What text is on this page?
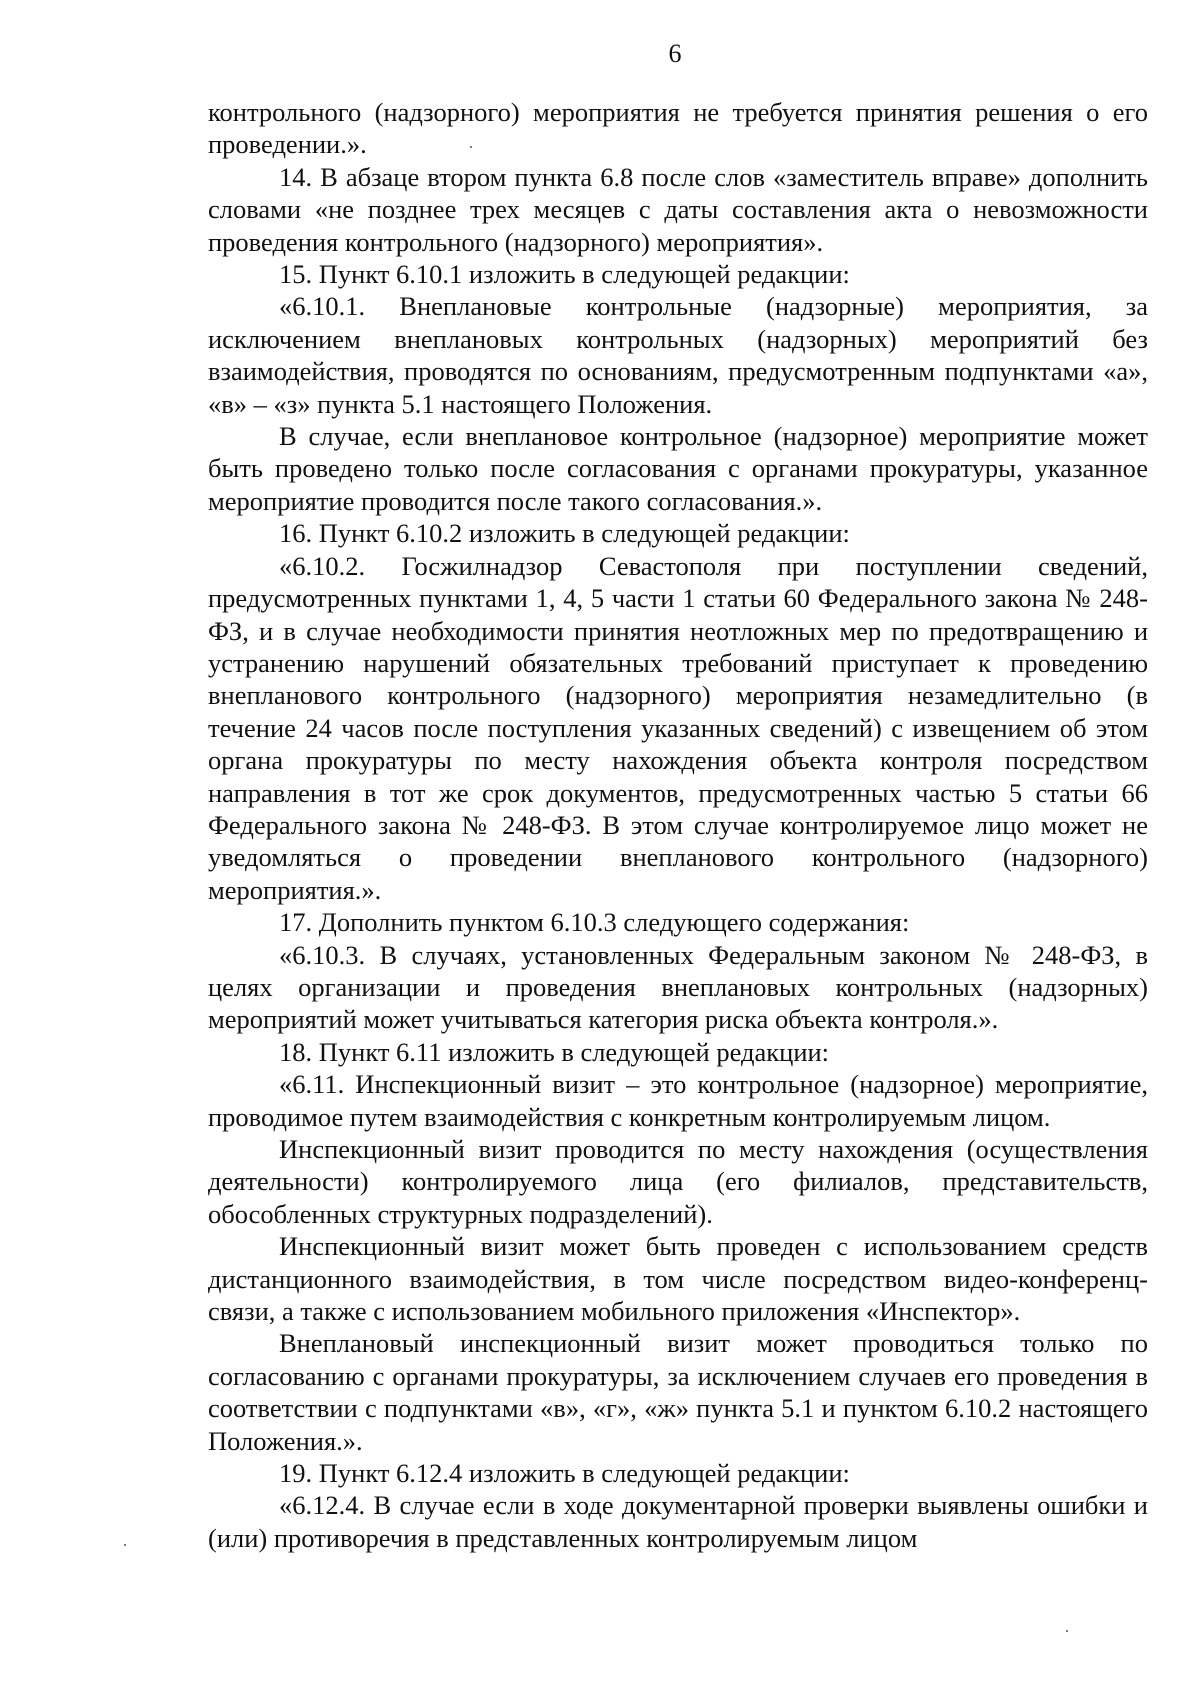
6

контрольного (надзорного) мероприятия не требуется принятия решения о его проведении.».

14. В абзаце втором пункта 6.8 после слов «заместитель вправе» дополнить словами «не позднее трех месяцев с даты составления акта о невозможности проведения контрольного (надзорного) мероприятия».

15. Пункт 6.10.1 изложить в следующей редакции:

«6.10.1. Внеплановые контрольные (надзорные) мероприятия, за исключением внеплановых контрольных (надзорных) мероприятий без взаимодействия, проводятся по основаниям, предусмотренным подпунктами «а», «в» – «з» пункта 5.1 настоящего Положения.

В случае, если внеплановое контрольное (надзорное) мероприятие может быть проведено только после согласования с органами прокуратуры, указанное мероприятие проводится после такого согласования.».

16. Пункт 6.10.2 изложить в следующей редакции:

«6.10.2. Госжилнадзор Севастополя при поступлении сведений, предусмотренных пунктами 1, 4, 5 части 1 статьи 60 Федерального закона № 248-ФЗ, и в случае необходимости принятия неотложных мер по предотвращению и устранению нарушений обязательных требований приступает к проведению внепланового контрольного (надзорного) мероприятия незамедлительно (в течение 24 часов после поступления указанных сведений) с извещением об этом органа прокуратуры по месту нахождения объекта контроля посредством направления в тот же срок документов, предусмотренных частью 5 статьи 66 Федерального закона № 248-ФЗ. В этом случае контролируемое лицо может не уведомляться о проведении внепланового контрольного (надзорного) мероприятия.».

17. Дополнить пунктом 6.10.3 следующего содержания:

«6.10.3. В случаях, установленных Федеральным законом № 248-ФЗ, в целях организации и проведения внеплановых контрольных (надзорных) мероприятий может учитываться категория риска объекта контроля.».

18. Пункт 6.11 изложить в следующей редакции:

«6.11. Инспекционный визит – это контрольное (надзорное) мероприятие, проводимое путем взаимодействия с конкретным контролируемым лицом.

Инспекционный визит проводится по месту нахождения (осуществления деятельности) контролируемого лица (его филиалов, представительств, обособленных структурных подразделений).

Инспекционный визит может быть проведен с использованием средств дистанционного взаимодействия, в том числе посредством видео-конференц-связи, а также с использованием мобильного приложения «Инспектор».

Внеплановый инспекционный визит может проводиться только по согласованию с органами прокуратуры, за исключением случаев его проведения в соответствии с подпунктами «в», «г», «ж» пункта 5.1 и пунктом 6.10.2 настоящего Положения.».

19. Пункт 6.12.4 изложить в следующей редакции:

«6.12.4. В случае если в ходе документарной проверки выявлены ошибки и (или) противоречия в представленных контролируемым лицом
